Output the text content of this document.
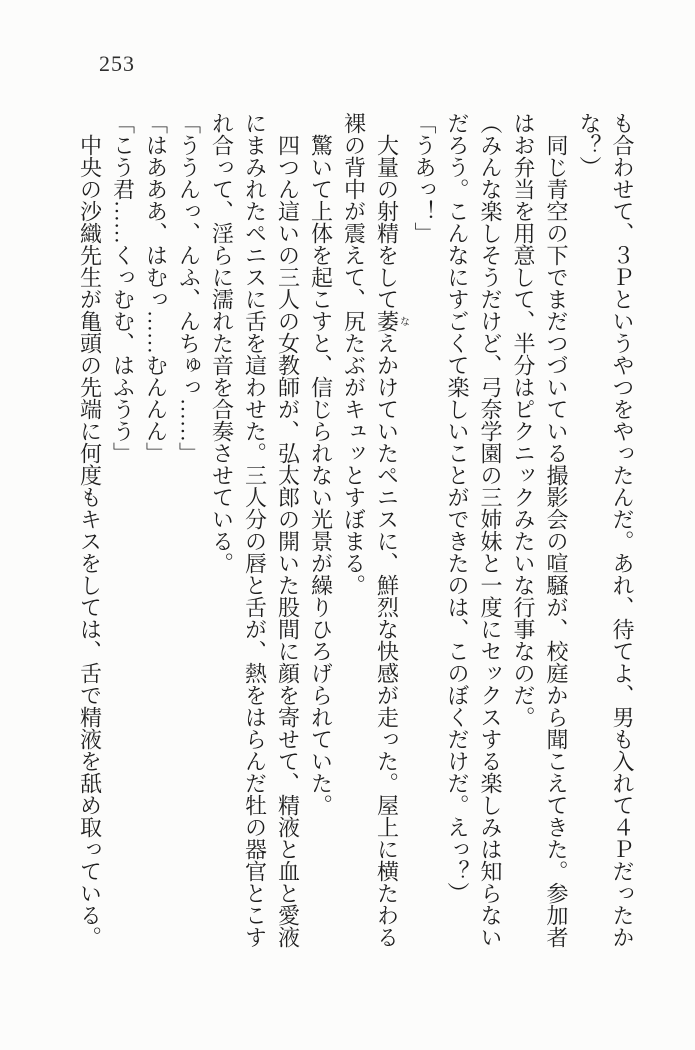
253

も合わせて、３Ｐというやつをやったんだ。あれ、待てよ、男も入れて４Ｐだったか

な？）

同じ青空の下でまだつづいている撮影会の喧騒が、校庭から聞こえてきた。参加者

はお弁当を用意して、半分はピクニックみたいな行事なのだ。

（みんな楽しそうだけど、弓奈学園の三姉妹と一度にセックスする楽しみは知らない

だろう。こんなにすごくて楽しいことができたのは、このぼくだけだ。えっ？）

「うあっ！」

大量の射精をして萎なえかけていたペニスに、鮮烈な快感が走った。屋上に横たわる

裸の背中が震えて、尻たぶがキュッとすぼまる。

驚いて上体を起こすと、信じられない光景が繰りひろげられていた。

四つん這いの三人の女教師が、弘太郎の開いた股間に顔を寄せて、精液と血と愛液

にまみれたペニスに舌を這わせた。三人分の唇と舌が、熱をはらんだ牡の器官とこす

れ合って、淫らに濡れた音を合奏させている。

「ううんっ、んふ、んちゅっ……」

「はあああ、はむっ……むんんん」

「こう君……くっむむ、はふうう」

中央の沙織先生が亀頭の先端に何度もキスをしては、舌で精液を舐め取っている。
